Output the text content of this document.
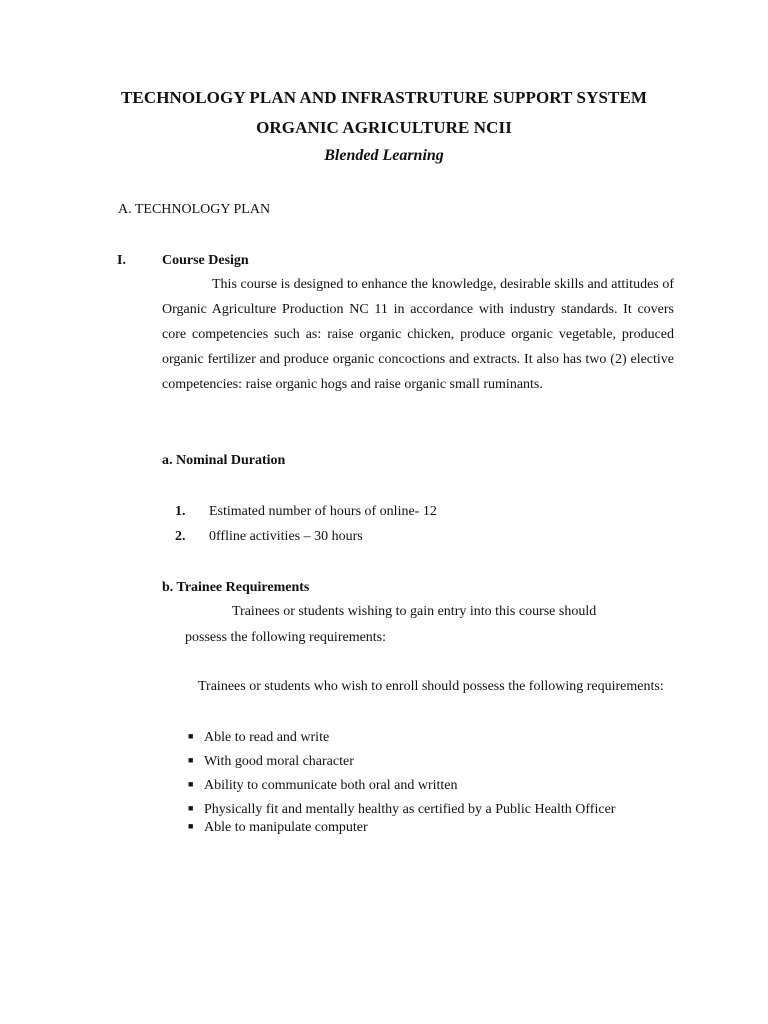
TECHNOLOGY PLAN AND INFRASTRUTURE SUPPORT SYSTEM
ORGANIC AGRICULTURE NCII
Blended Learning
A. TECHNOLOGY PLAN
I.	Course Design
This course is designed to enhance the knowledge, desirable skills and attitudes of Organic Agriculture Production NC 11 in accordance with industry standards. It covers core competencies such as: raise organic chicken, produce organic vegetable, produced organic fertilizer and produce organic concoctions and extracts. It also has two (2) elective competencies: raise organic hogs and raise organic small ruminants.
a. Nominal Duration
1. Estimated number of hours of online- 12
2. 0ffline activities – 30 hours
b. Trainee Requirements
Trainees or students wishing to gain entry into this course should
possess the following requirements:
Trainees or students who wish to enroll should possess the following requirements:
■ Able to read and write
■ With good moral character
■ Ability to communicate both oral and written
■ Physically fit and mentally healthy as certified by a Public Health Officer
■ Able to manipulate computer
